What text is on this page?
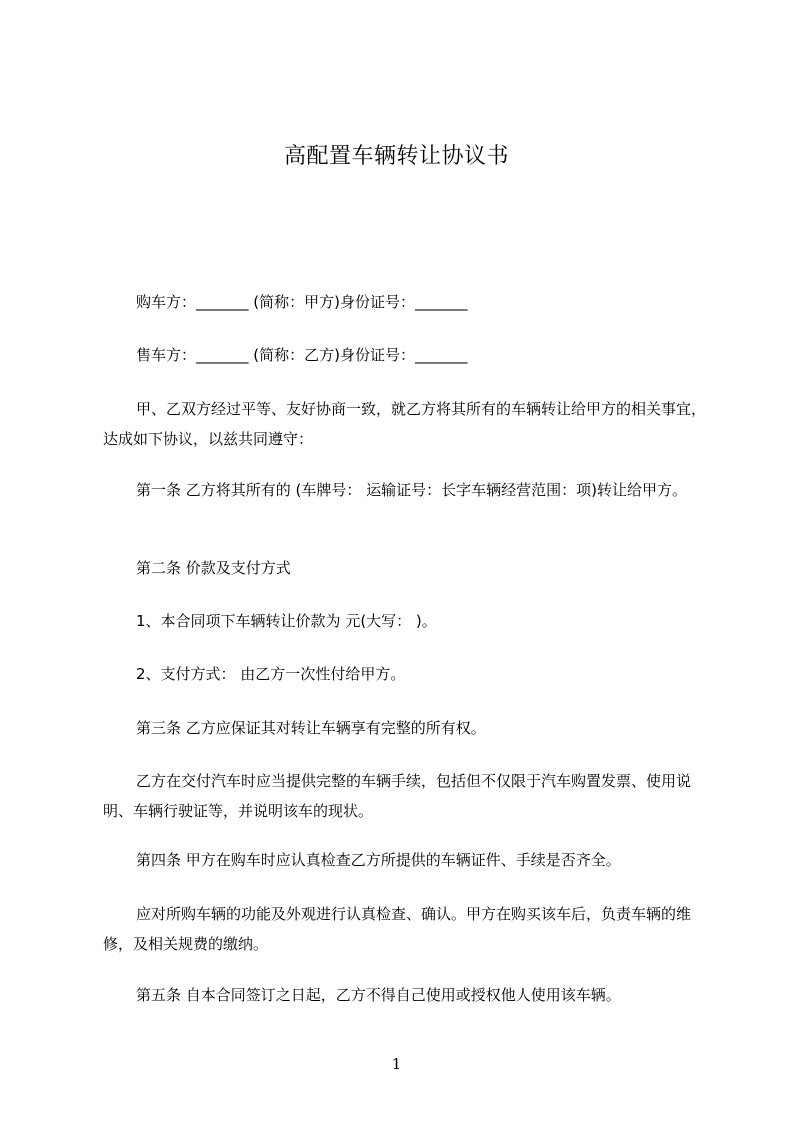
高配置车辆转让协议书
购车方：_______ (简称：甲方)身份证号：_______
售车方：_______ (简称：乙方)身份证号：_______
甲、乙双方经过平等、友好协商一致，就乙方将其所有的车辆转让给甲方的相关事宜，达成如下协议，以兹共同遵守：
第一条 乙方将其所有的 (车牌号： 运输证号：长字车辆经营范围：项)转让给甲方。
第二条 价款及支付方式
1、本合同项下车辆转让价款为 元(大写： )。
2、支付方式： 由乙方一次性付给甲方。
第三条 乙方应保证其对转让车辆享有完整的所有权。
乙方在交付汽车时应当提供完整的车辆手续，包括但不仅限于汽车购置发票、使用说明、车辆行驶证等，并说明该车的现状。
第四条 甲方在购车时应认真检查乙方所提供的车辆证件、手续是否齐全。
应对所购车辆的功能及外观进行认真检查、确认。甲方在购买该车后，负责车辆的维修，及相关规费的缴纳。
第五条 自本合同签订之日起，乙方不得自己使用或授权他人使用该车辆。
1
